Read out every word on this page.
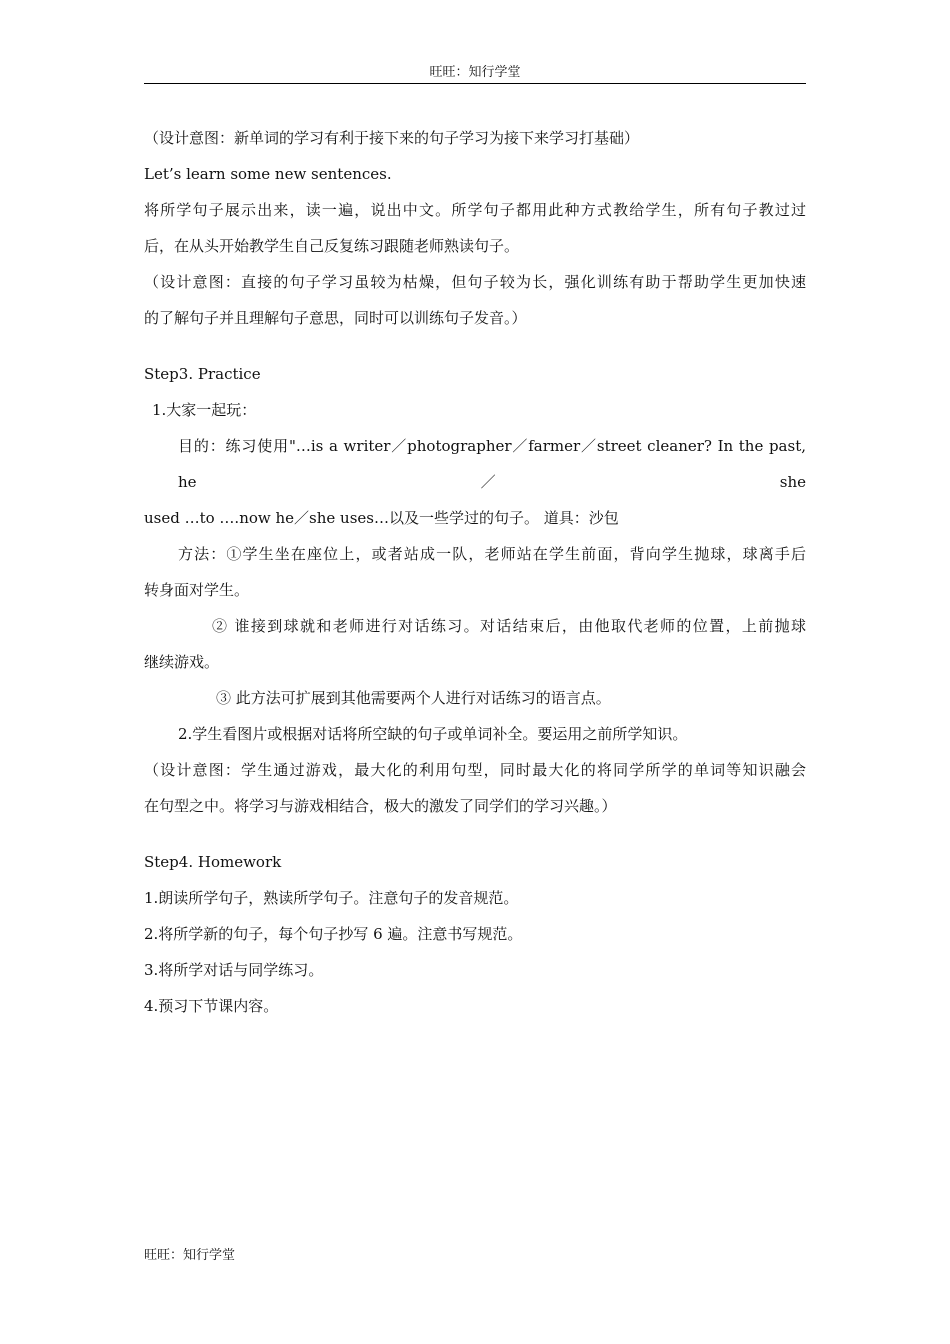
旺旺：知行学堂
（设计意图：新单词的学习有利于接下来的句子学习为接下来学习打基础）
Let’s learn some new sentences.
将所学句子展示出来，读一遍，说出中文。所学句子都用此种方式教给学生，所有句子教过过
后，在从头开始教学生自己反复练习跟随老师熟读句子。
（设计意图：直接的句子学习虽较为枯燥，但句子较为长，强化训练有助于帮助学生更加快速
的了解句子并且理解句子意思，同时可以训练句子发音。）
Step3. Practice
1.大家一起玩：
目的：练习使用"…is a writer／photographer／farmer／street cleaner? In the past, he／she
used …to ….now he／she uses…以及一些学过的句子。 道具：沙包
方法：①学生坐在座位上，或者站成一队，老师站在学生前面，背向学生抛球，球离手后
转身面对学生。
② 谁接到球就和老师进行对话练习。对话结束后，由他取代老师的位置，上前抛球
继续游戏。
③ 此方法可扩展到其他需要两个人进行对话练习的语言点。
2.学生看图片或根据对话将所空缺的句子或单词补全。要运用之前所学知识。
（设计意图：学生通过游戏，最大化的利用句型，同时最大化的将同学所学的单词等知识融会
在句型之中。将学习与游戏相结合，极大的激发了同学们的学习兴趣。）
Step4. Homework
1.朗读所学句子，熟读所学句子。注意句子的发音规范。
2.将所学新的句子，每个句子抄写 6 遍。注意书写规范。
3.将所学对话与同学练习。
4.预习下节课内容。
旺旺：知行学堂
